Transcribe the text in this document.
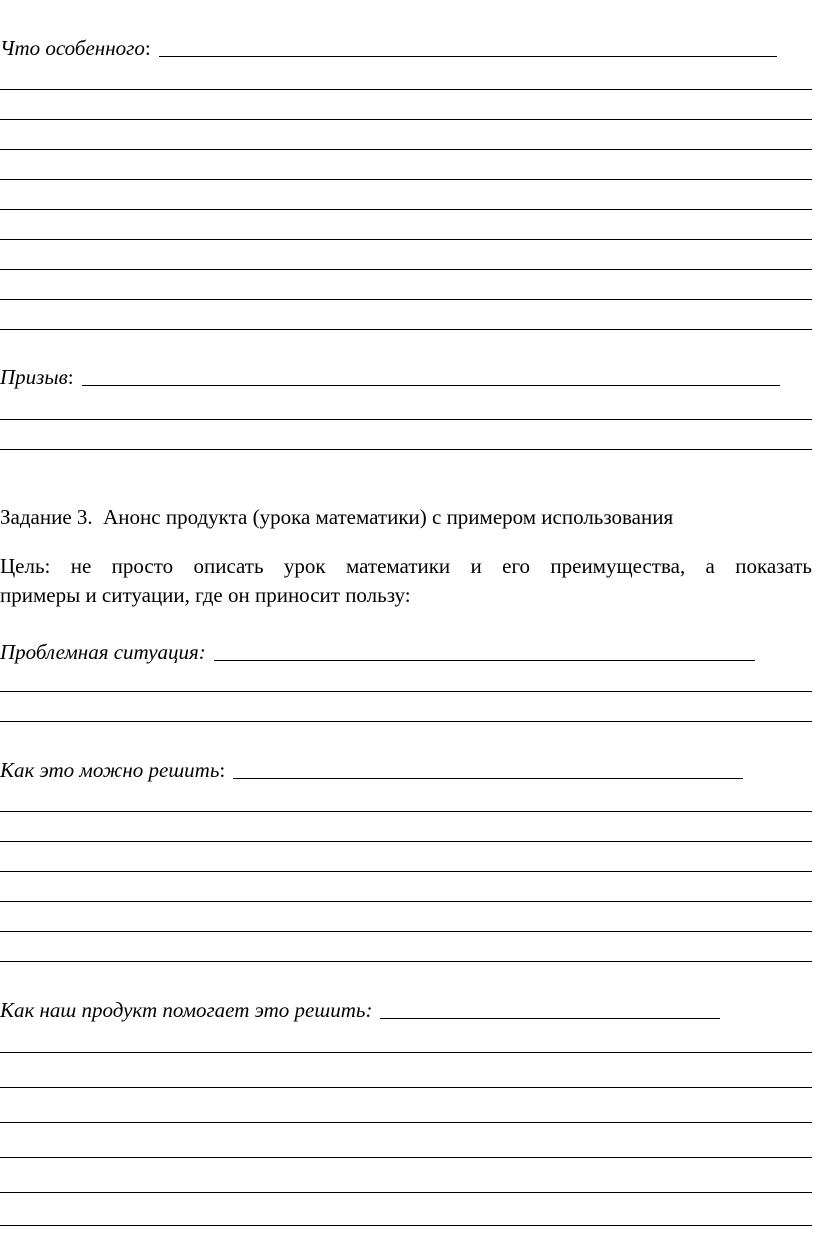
Что особенного :
Призыв :
Задание 3.  Анонс продукта (урока математики) с примером использования
Цель: не просто описать урок математики и его преимущества, а показать
примеры и ситуации, где он приносит пользу:
Проблемная ситуация:
Как это можно решить :
Как наш продукт помогает это решить:
